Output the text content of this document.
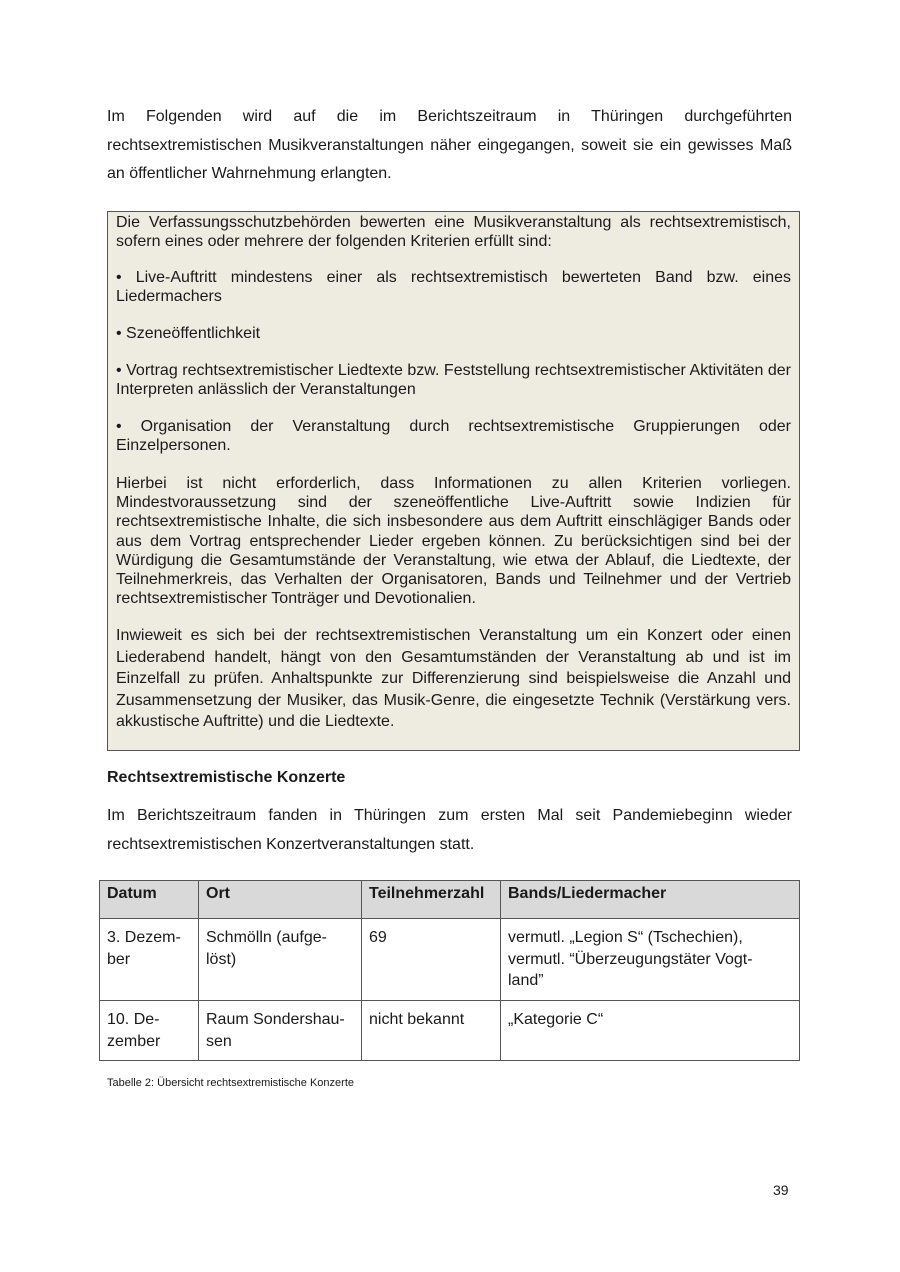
Im Folgenden wird auf die im Berichtszeitraum in Thüringen durchgeführten rechtsextremistischen Musikveranstaltungen näher eingegangen, soweit sie ein gewisses Maß an öffentlicher Wahrnehmung erlangten.

Die Verfassungsschutzbehörden bewerten eine Musikveranstaltung als rechtsextremistisch, sofern eines oder mehrere der folgenden Kriterien erfüllt sind:

• Live-Auftritt mindestens einer als rechtsextremistisch bewerteten Band bzw. eines Liedermachers

• Szeneöffentlichkeit

• Vortrag rechtsextremistischer Liedtexte bzw. Feststellung rechtsextremistischer Aktivitäten der Interpreten anlässlich der Veranstaltungen

• Organisation der Veranstaltung durch rechtsextremistische Gruppierungen oder Einzelpersonen.

Hierbei ist nicht erforderlich, dass Informationen zu allen Kriterien vorliegen. Mindestvoraussetzung sind der szeneöffentliche Live-Auftritt sowie Indizien für rechtsextremistische Inhalte, die sich insbesondere aus dem Auftritt einschlägiger Bands oder aus dem Vortrag entsprechender Lieder ergeben können. Zu berücksichtigen sind bei der Würdigung die Gesamtumstände der Veranstaltung, wie etwa der Ablauf, die Liedtexte, der Teilnehmerkreis, das Verhalten der Organisatoren, Bands und Teilnehmer und der Vertrieb rechtsextremistischer Tonträger und Devotionalien.

Inwieweit es sich bei der rechtsextremistischen Veranstaltung um ein Konzert oder einen Liederabend handelt, hängt von den Gesamtumständen der Veranstaltung ab und ist im Einzelfall zu prüfen. Anhaltspunkte zur Differenzierung sind beispielsweise die Anzahl und Zusammensetzung der Musiker, das Musik-Genre, die eingesetzte Technik (Verstärkung vers. akkustische Auftritte) und die Liedtexte.

Rechtsextremistische Konzerte

Im Berichtszeitraum fanden in Thüringen zum ersten Mal seit Pandemiebeginn wieder rechtsextremistischen Konzertveranstaltungen statt.

Datum	Ort	Teilnehmerzahl	Bands/Liedermacher
3. Dezem-
ber	Schmölln (aufge-
löst)	69	vermutl. „Legion S“ (Tschechien),
vermutl. “Überzeugungstäter Vogt-
land”
10. De-
zember	Raum Sondershau-
sen	nicht bekannt	„Kategorie C“

Tabelle 2: Übersicht rechtsextremistische Konzerte

39
